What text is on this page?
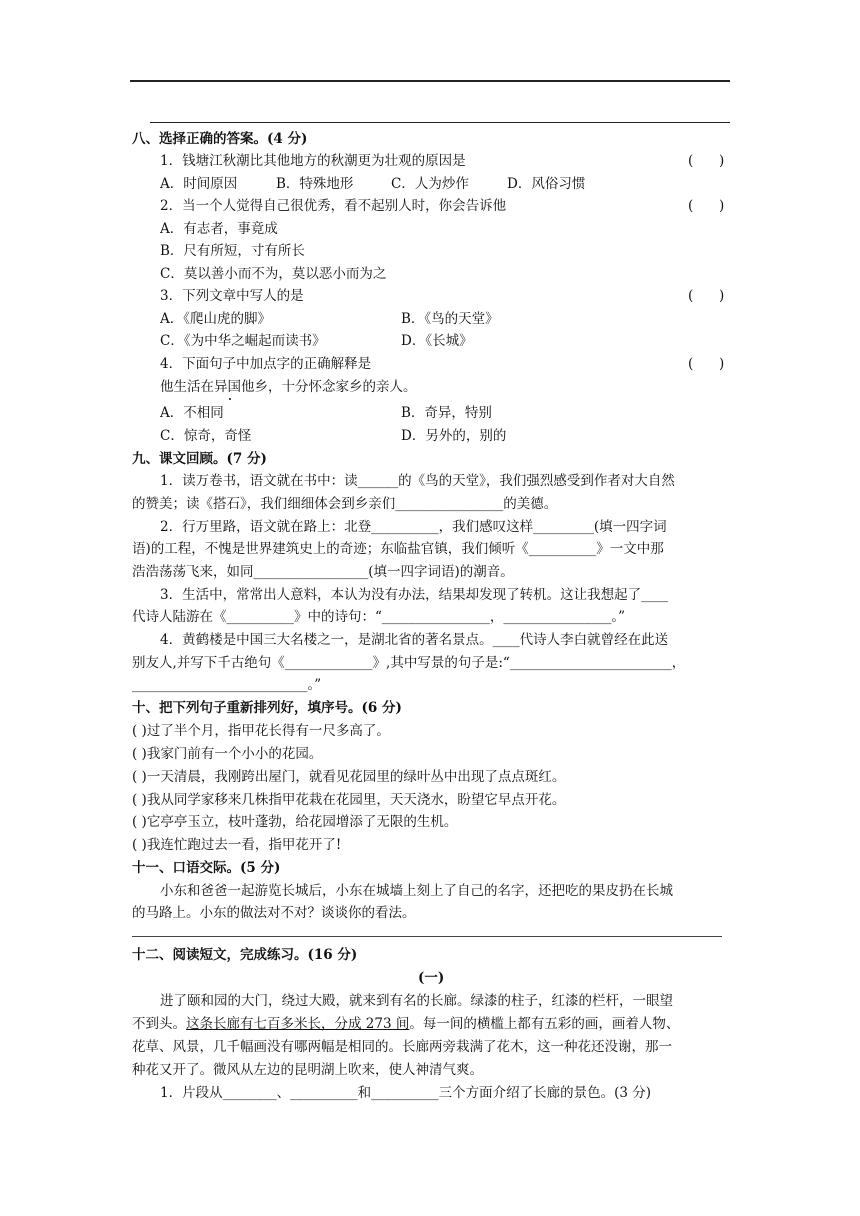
八、选择正确的答案。(4 分)
1．钱塘江秋潮比其他地方的秋潮更为壮观的原因是	(      )
A．时间原因	B．特殊地形	C．人为炒作	D．风俗习惯
2．当一个人觉得自己很优秀，看不起别人时，你会告诉他	(      )
A．有志者，事竟成
B．尺有所短，寸有所长
C．莫以善小而不为，莫以恶小而为之
3．下列文章中写人的是	(      )
A．《爬山虎的脚》	B．《鸟的天堂》
C．《为中华之崛起而读书》	D．《长城》
4．下面句子中加点字的正确解释是	(      )
他生活在异国他乡，十分怀念家乡的亲人。
A．不相同	B．奇异，特别
C．惊奇，奇怪	D．另外的，别的
九、课文回顾。(7 分)
1．读万卷书，语文就在书中：读______的《鸟的天堂》，我们强烈感受到作者对大自然
的赞美；读《搭石》，我们细细体会到乡亲们________________的美德。
2．行万里路，语文就在路上：北登__________，我们感叹这样_________(填一四字词
语)的工程，不愧是世界建筑史上的奇迹；东临盐官镇，我们倾听《__________》一文中那
浩浩荡荡飞来，如同_________________(填一四字词语)的潮音。
3．生活中，常常出人意料，本认为没有办法，结果却发现了转机。这让我想起了____
代诗人陆游在《__________》中的诗句：“________________，________________。”
4．黄鹤楼是中国三大名楼之一，是湖北省的著名景点。____代诗人李白就曾经在此送
别友人,并写下千古绝句《_____________》,其中写景的句子是:“________________________，
__________________________。”
十、把下列句子重新排列好，填序号。(6 分)
( )过了半个月，指甲花长得有一尺多高了。
( )我家门前有一个小小的花园。
( )一天清晨，我刚跨出屋门，就看见花园里的绿叶丛中出现了点点斑红。
( )我从同学家移来几株指甲花栽在花园里，天天浇水，盼望它早点开花。
( )它亭亭玉立，枝叶蓬勃，给花园增添了无限的生机。
( )我连忙跑过去一看，指甲花开了!
十一、口语交际。(5 分)
小东和爸爸一起游览长城后，小东在城墙上刻上了自己的名字，还把吃的果皮扔在长城
的马路上。小东的做法对不对？谈谈你的看法。
十二、阅读短文，完成练习。(16 分)
(一)
进了颐和园的大门，绕过大殿，就来到有名的长廊。绿漆的柱子，红漆的栏杆，一眼望
不到头。这条长廊有七百多米长，分成 273 间。每一间的横槛上都有五彩的画，画着人物、
花草、风景，几千幅画没有哪两幅是相同的。长廊两旁栽满了花木，这一种花还没谢，那一
种花又开了。微风从左边的昆明湖上吹来，使人神清气爽。
1．片段从________、__________和__________三个方面介绍了长廊的景色。(3 分)
